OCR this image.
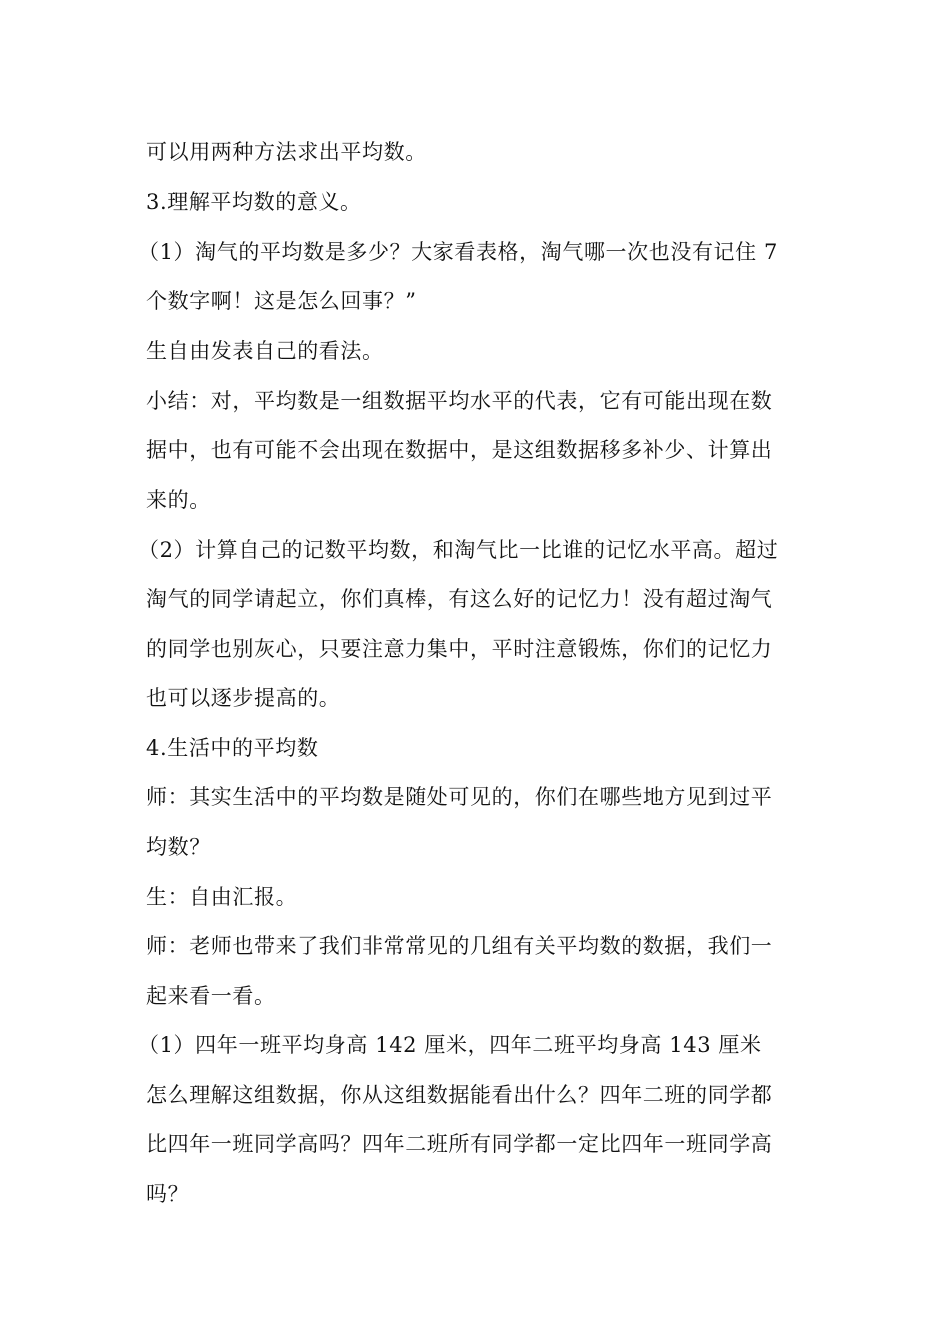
可以用两种方法求出平均数。
3.理解平均数的意义。
（1）淘气的平均数是多少？大家看表格，淘气哪一次也没有记住 7
个数字啊！这是怎么回事？”
生自由发表自己的看法。
小结：对，平均数是一组数据平均水平的代表，它有可能出现在数
据中，也有可能不会出现在数据中，是这组数据移多补少、计算出
来的。
（2）计算自己的记数平均数，和淘气比一比谁的记忆水平高。超过
淘气的同学请起立，你们真棒，有这么好的记忆力！没有超过淘气
的同学也别灰心，只要注意力集中，平时注意锻炼，你们的记忆力
也可以逐步提高的。
4.生活中的平均数
师：其实生活中的平均数是随处可见的，你们在哪些地方见到过平
均数？
生：自由汇报。
师：老师也带来了我们非常常见的几组有关平均数的数据，我们一
起来看一看。
（1）四年一班平均身高 142 厘米，四年二班平均身高 143 厘米
怎么理解这组数据，你从这组数据能看出什么？四年二班的同学都
比四年一班同学高吗？四年二班所有同学都一定比四年一班同学高
吗？
